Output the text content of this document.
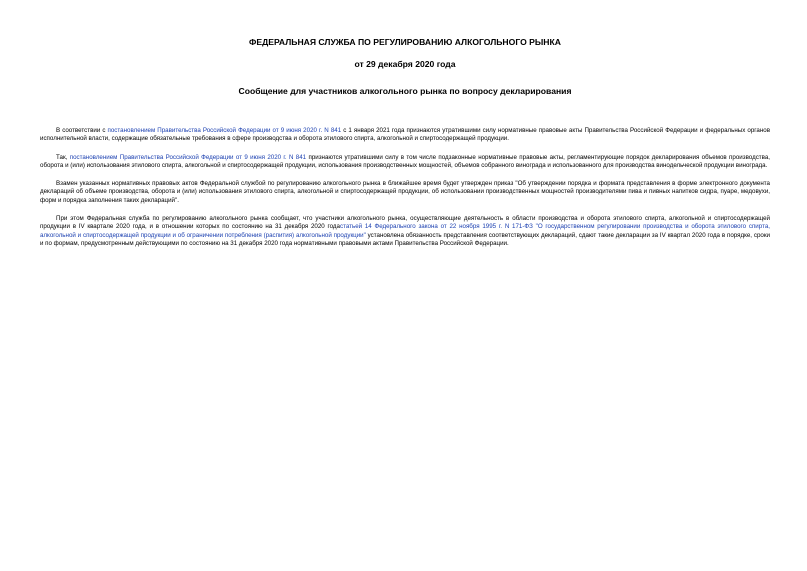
ФЕДЕРАЛЬНАЯ СЛУЖБА ПО РЕГУЛИРОВАНИЮ АЛКОГОЛЬНОГО РЫНКА

от 29 декабря 2020 года

Сообщение для участников алкогольного рынка по вопросу декларирования

В соответствии с постановлением Правительства Российской Федерации от 9 июня 2020 г. N 841 с 1 января 2021 года признаются утратившими силу нормативные правовые акты Правительства Российской Федерации и федеральных органов исполнительной власти, содержащие обязательные требования в сфере производства и оборота этилового спирта, алкогольной и спиртосодержащей продукции.

Так, постановлением Правительства Российской Федерации от 9 июня 2020 г. N 841 признаются утратившими силу в том числе подзаконные нормативные правовые акты, регламентирующие порядок декларирования объемов производства, оборота и (или) использования этилового спирта, алкогольной и спиртосодержащей продукции, использования производственных мощностей, объемов собранного винограда и использованного для производства винодельческой продукции винограда.

Взамен указанных нормативных правовых актов Федеральной службой по регулированию алкогольного рынка в ближайшее время будет утвержден приказ "Об утверждении порядка и формата представления в форме электронного документа деклараций об объеме производства, оборота и (или) использования этилового спирта, алкогольной и спиртосодержащей продукции, об использовании производственных мощностей производителями пива и пивных напитков сидра, пуаре, медовухи, форм и порядка заполнения таких деклараций".

При этом Федеральная служба по регулированию алкогольного рынка сообщает, что участники алкогольного рынка, осуществляющие деятельность в области производства и оборота этилового спирта, алкогольной и спиртосодержащей продукции в IV квартале 2020 года, и в отношении которых по состоянию на 31 декабря 2020 годастатьей 14 Федерального закона от 22 ноября 1995 г. N 171-ФЗ "О государственном регулировании производства и оборота этилового спирта, алкогольной и спиртосодержащей продукции и об ограничении потребления (распития) алкогольной продукции" установлена обязанность представления соответствующих деклараций, сдают такие декларации за IV квартал 2020 года в порядке, сроки и по формам, предусмотренным действующими по состоянию на 31 декабря 2020 года нормативными правовыми актами Правительства Российской Федерации.
